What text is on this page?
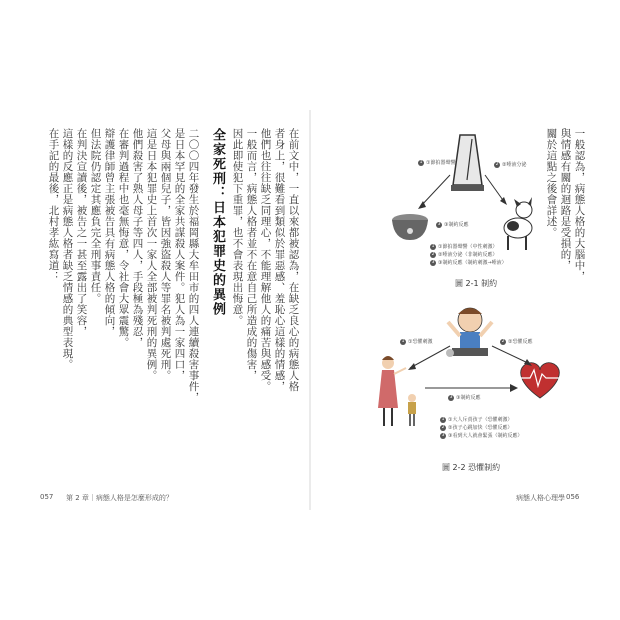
在前文中，一直以來都被認為，在缺乏良心的病態人格
者身上，很難看到類似於罪惡感、羞恥心這樣的情感，
他們也往往缺乏同理心，不能理解他人的痛苦與感受。
一般而言，病態人格者並不在意自己所造成的傷害，
因此即使犯下重罪，也不會表現出悔意。
全家死刑：日本犯罪史的異例
二〇〇四年發生於福岡縣大牟田市的四人連續殺害事件，
是日本罕見的全家共謀殺人案件。犯人為一家四口，
父母與兩個兒子，皆因強盜殺人等罪名被判處死刑。
這是日本犯罪史上首次一家人全部被判死刑的異例。
他們殺害了熟人母子等四人，手段極為殘忍，
在審判過程中也毫無悔意，令社會大眾震驚。
辯護律師曾主張被告具有病態人格的傾向，
但法院仍認定其應負完全刑事責任。
在判決宣讀後，被告之一甚至露出了笑容，
這樣的反應正是病態人格者缺乏情感的典型表現。
在手記的最後，北村孝紘寫道：
057 第 2 章｜病態人格是怎麼形成的？
一般認為，病態人格的大腦中，
與情感有關的迴路是受損的，
關於這點之後會詳述。
1 ①節拍器聲響	2 ②唾液分泌
3 ③制約反應
1 ①節拍器聲響（中性刺激）
2 ②唾液分泌（非制約反應）
3 ③制約反應（制約刺激→唾液）
圖 2-1 制約
1 ①恐懼刺激	2 ②恐懼反應
3 ③制約反應
1 ①大人斥責孩子（恐懼刺激）
2 ②孩子心跳加快（恐懼反應）
3 ③看到大人就會緊張（制約反應）
圖 2-2 恐懼制約
病態人格心理學 056
